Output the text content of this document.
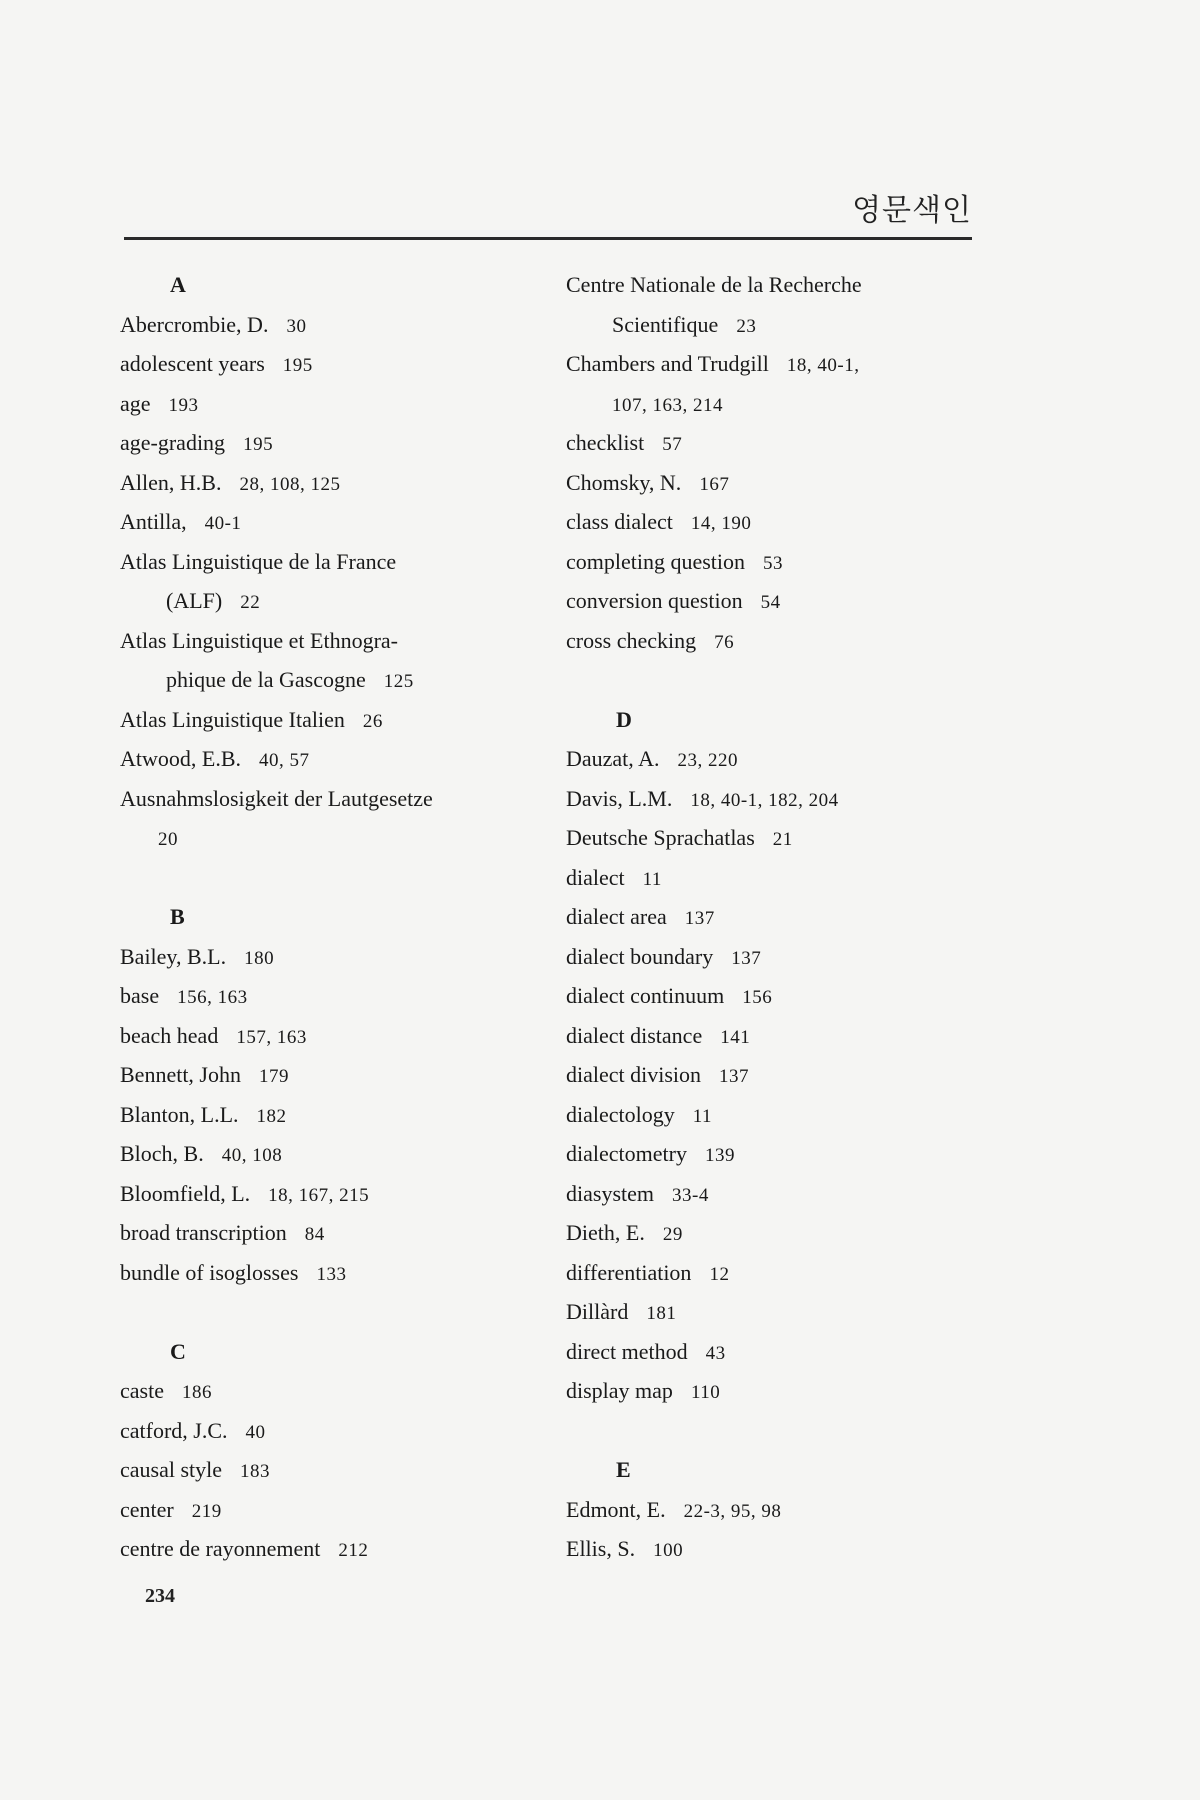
영문색인
A
Abercrombie, D. 30
adolescent years 195
age 193
age-grading 195
Allen, H.B. 28, 108, 125
Antilla, 40-1
Atlas Linguistique de la France
(ALF) 22
Atlas Linguistique et Ethnogra-
phique de la Gascogne 125
Atlas Linguistique Italien 26
Atwood, E.B. 40, 57
Ausnahmslosigkeit der Lautgesetze
20
B
Bailey, B.L. 180
base 156, 163
beach head 157, 163
Bennett, John 179
Blanton, L.L. 182
Bloch, B. 40, 108
Bloomfield, L. 18, 167, 215
broad transcription 84
bundle of isoglosses 133
C
caste 186
catford, J.C. 40
causal style 183
center 219
centre de rayonnement 212
Centre Nationale de la Recherche
Scientifique 23
Chambers and Trudgill 18, 40-1,
107, 163, 214
checklist 57
Chomsky, N. 167
class dialect 14, 190
completing question 53
conversion question 54
cross checking 76
D
Dauzat, A. 23, 220
Davis, L.M. 18, 40-1, 182, 204
Deutsche Sprachatlas 21
dialect 11
dialect area 137
dialect boundary 137
dialect continuum 156
dialect distance 141
dialect division 137
dialectology 11
dialectometry 139
diasystem 33-4
Dieth, E. 29
differentiation 12
Dillàrd 181
direct method 43
display map 110
E
Edmont, E. 22-3, 95, 98
Ellis, S. 100
234
